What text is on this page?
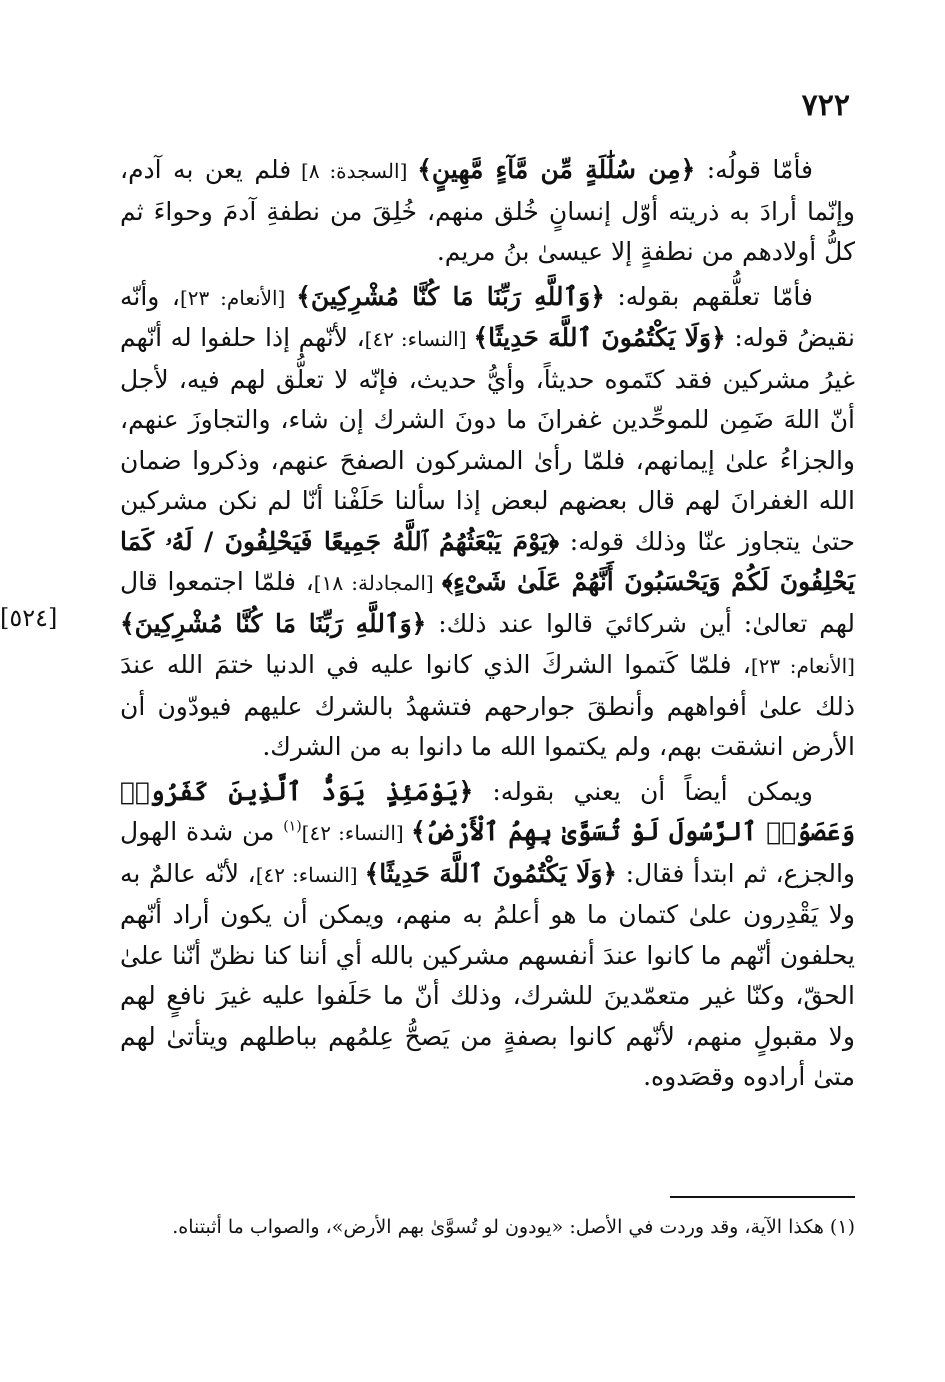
٧٢٢
[٥٢٤]

فأمّا قولُه: ﴿مِن سُلَٰلَةٍ مِّن مَّآءٍ مَّهِينٍ﴾ [السجدة: ٨] فلم يعن به آدم، وإنّما أرادَ به ذريته أوّل إنسانٍ خُلق منهم، خُلِقَ من نطفةِ آدمَ وحواءَ ثم كلُّ أولادهم من نطفةٍ إلا عيسىٰ بنُ مريم.

فأمّا تعلُّقهم بقوله: ﴿وَٱللَّهِ رَبِّنَا مَا كُنَّا مُشْرِكِينَ﴾ [الأنعام: ٢٣]، وأنّه نقيضُ قوله: ﴿وَلَا يَكْتُمُونَ ٱللَّهَ حَدِيثًا﴾ [النساء: ٤٢]، لأنّهم إذا حلفوا له أنّهم غيرُ مشركين فقد كتَموه حديثاً، وأيُّ حديث، فإنّه لا تعلُّق لهم فيه، لأجل أنّ اللهَ ضَمِن للموحِّدين غفرانَ ما دونَ الشرك إن شاء، والتجاوزَ عنهم، والجزاءُ علىٰ إيمانهم، فلمّا رأىٰ المشركون الصفحَ عنهم، وذكروا ضمان الله الغفرانَ لهم قال بعضهم لبعض إذا سألنا حَلَفْنا أنّا لم نكن مشركين حتىٰ يتجاوز عنّا وذلك قوله: ﴿يَوْمَ يَبْعَثُهُمُ ٱللَّهُ جَمِيعًا فَيَحْلِفُونَ / لَهُۥ كَمَا يَحْلِفُونَ لَكُمْ وَيَحْسَبُونَ أَنَّهُمْ عَلَىٰ شَىْءٍ﴾ [المجادلة: ١٨]، فلمّا اجتمعوا قال لهم تعالىٰ: أين شركائيَ قالوا عند ذلك: ﴿وَٱللَّهِ رَبِّنَا مَا كُنَّا مُشْرِكِينَ﴾ [الأنعام: ٢٣]، فلمّا كَتموا الشركَ الذي كانوا عليه في الدنيا ختمَ الله عندَ ذلك علىٰ أفواههم وأنطقَ جوارحهم فتشهدُ بالشرك عليهم فيودّون أن الأرض انشقت بهم، ولم يكتموا الله ما دانوا به من الشرك.

ويمكن أيضاً أن يعني بقوله: ﴿يَوْمَئِذٍ يَوَدُّ ٱلَّذِينَ كَفَرُوا۟ وَعَصَوُا۟ ٱلرَّسُولَ لَوْ تُسَوَّىٰ بِهِمُ ٱلْأَرْضُ﴾ [النساء: ٤٢]$^{(١)}$ من شدة الهول والجزع، ثم ابتدأ فقال: ﴿وَلَا يَكْتُمُونَ ٱللَّهَ حَدِيثًا﴾ [النساء: ٤٢]، لأنّه عالمٌ به ولا يَقْدِرون علىٰ كتمان ما هو أعلمُ به منهم، ويمكن أن يكون أراد أنّهم يحلفون أنّهم ما كانوا عندَ أنفسهم مشركين بالله أي أننا كنا نظنّ أنّنا علىٰ الحقّ، وكنّا غير متعمّدينَ للشرك، وذلك أنّ ما حَلَفوا عليه غيرَ نافعٍ لهم ولا مقبولٍ منهم، لأنّهم كانوا بصفةٍ من يَصحُّ عِلمُهم بباطلهم ويتأتىٰ لهم متىٰ أرادوه وقصَدوه.

(١) هكذا الآية، وقد وردت في الأصل: «يودون لو تُسوَّىٰ بهم الأرض»، والصواب ما أثبتناه.
